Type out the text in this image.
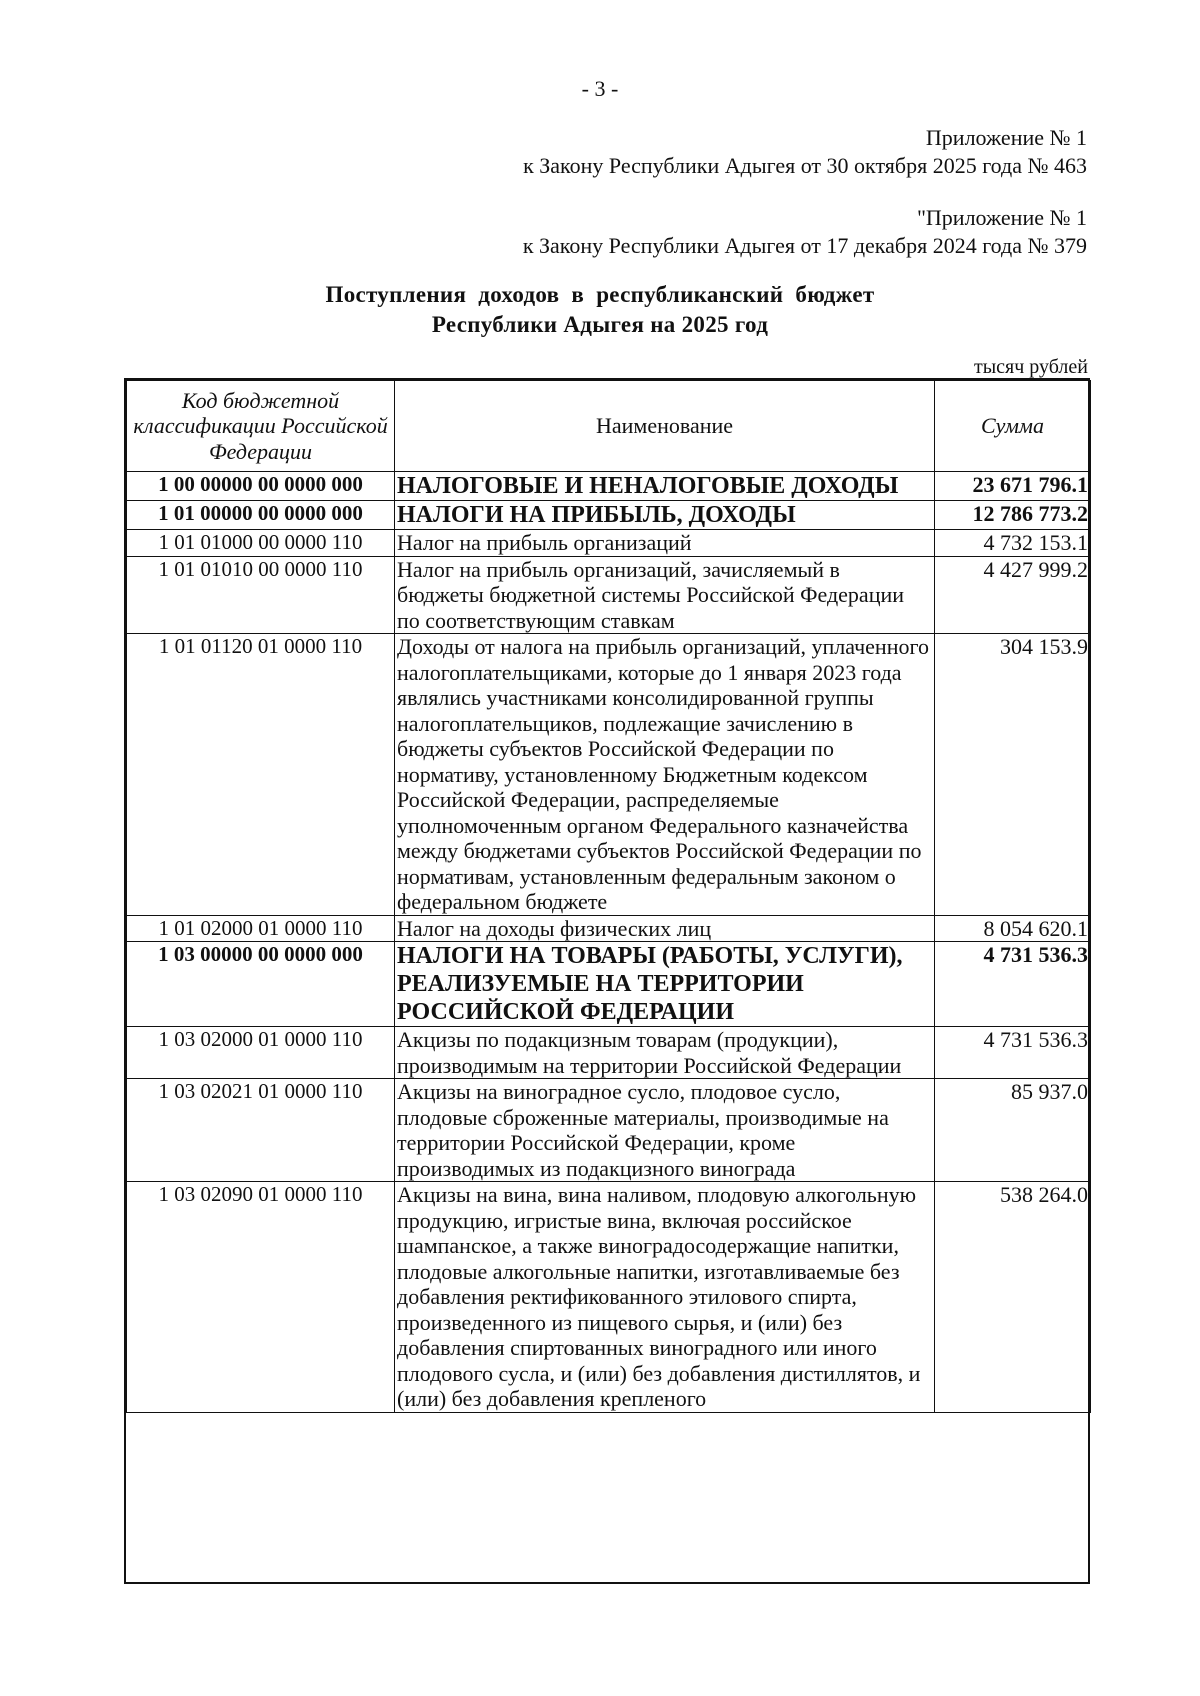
- 3 -
Приложение № 1
к Закону Республики Адыгея от 30 октября 2025 года № 463
"Приложение № 1
к Закону Республики Адыгея от 17 декабря 2024 года № 379
Поступления доходов в республиканский бюджет
Республики Адыгея на 2025 год
тысяч рублей
Код бюджетной классификации Российской Федерации	Наименование	Сумма
1 00 00000 00 0000 000	НАЛОГОВЫЕ И НЕНАЛОГОВЫЕ ДОХОДЫ	23 671 796.1
1 01 00000 00 0000 000	НАЛОГИ НА ПРИБЫЛЬ, ДОХОДЫ	12 786 773.2
1 01 01000 00 0000 110	Налог на прибыль организаций	4 732 153.1
1 01 01010 00 0000 110	Налог на прибыль организаций, зачисляемый в бюджеты бюджетной системы Российской Федерации по соответствующим ставкам	4 427 999.2
1 01 01120 01 0000 110	Доходы от налога на прибыль организаций, уплаченного налогоплательщиками, которые до 1 января 2023 года являлись участниками консолидированной группы налогоплательщиков, подлежащие зачислению в бюджеты субъектов Российской Федерации по нормативу, установленному Бюджетным кодексом Российской Федерации, распределяемые уполномоченным органом Федерального казначейства между бюджетами субъектов Российской Федерации по нормативам, установленным федеральным законом о федеральном бюджете	304 153.9
1 01 02000 01 0000 110	Налог на доходы физических лиц	8 054 620.1
1 03 00000 00 0000 000	НАЛОГИ НА ТОВАРЫ (РАБОТЫ, УСЛУГИ), РЕАЛИЗУЕМЫЕ НА ТЕРРИТОРИИ РОССИЙСКОЙ ФЕДЕРАЦИИ	4 731 536.3
1 03 02000 01 0000 110	Акцизы по подакцизным товарам (продукции), производимым на территории Российской Федерации	4 731 536.3
1 03 02021 01 0000 110	Акцизы на виноградное сусло, плодовое сусло, плодовые сброженные материалы, производимые на территории Российской Федерации, кроме производимых из подакцизного винограда	85 937.0
1 03 02090 01 0000 110	Акцизы на вина, вина наливом, плодовую алкогольную продукцию, игристые вина, включая российское шампанское, а также виноградосодержащие напитки, плодовые алкогольные напитки, изготавливаемые без добавления ректификованного этилового спирта, произведенного из пищевого сырья, и (или) без добавления спиртованных виноградного или иного плодового сусла, и (или) без добавления дистиллятов, и (или) без добавления крепленого	538 264.0
